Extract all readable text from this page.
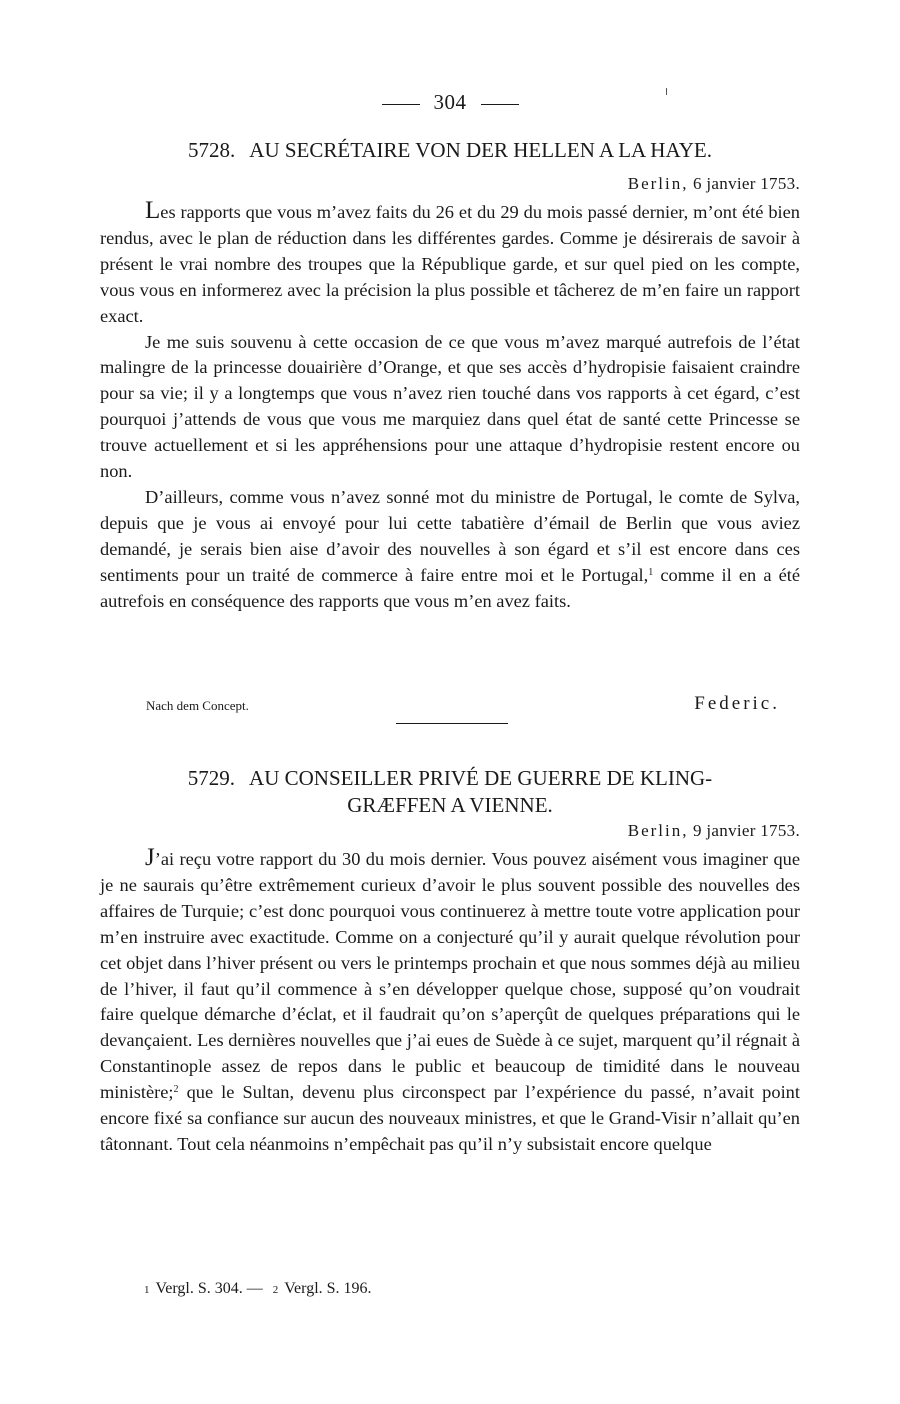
304
5728. AU SECRÉTAIRE VON DER HELLEN A LA HAYE.
Berlin, 6 janvier 1753.

Les rapports que vous m’avez faits du 26 et du 29 du mois passé dernier, m’ont été bien rendus, avec le plan de réduction dans les différentes gardes. Comme je désirerais de savoir à présent le vrai nombre des troupes que la République garde, et sur quel pied on les compte, vous vous en informerez avec la précision la plus possible et tâcherez de m’en faire un rapport exact.

Je me suis souvenu à cette occasion de ce que vous m’avez marqué autrefois de l’état malingre de la princesse douairière d’Orange, et que ses accès d’hydropisie faisaient craindre pour sa vie; il y a longtemps que vous n’avez rien touché dans vos rapports à cet égard, c’est pourquoi j’attends de vous que vous me marquiez dans quel état de santé cette Princesse se trouve actuellement et si les appréhensions pour une attaque d’hydropisie restent encore ou non.

D’ailleurs, comme vous n’avez sonné mot du ministre de Portugal, le comte de Sylva, depuis que je vous ai envoyé pour lui cette tabatière d’émail de Berlin que vous aviez demandé, je serais bien aise d’avoir des nouvelles à son égard et s’il est encore dans ces sentiments pour un traité de commerce à faire entre moi et le Portugal,$^1$ comme il en a été autrefois en conséquence des rapports que vous m’en avez faits.

Nach dem Concept.	Federic.
5729. AU CONSEILLER PRIVÉ DE GUERRE DE KLING-
GRÆFFEN A VIENNE.
Berlin, 9 janvier 1753.

J’ai reçu votre rapport du 30 du mois dernier. Vous pouvez aisément vous imaginer que je ne saurais qu’être extrêmement curieux d’avoir le plus souvent possible des nouvelles des affaires de Turquie; c’est donc pourquoi vous continuerez à mettre toute votre application pour m’en instruire avec exactitude. Comme on a conjecturé qu’il y aurait quelque révolution pour cet objet dans l’hiver présent ou vers le printemps prochain et que nous sommes déjà au milieu de l’hiver, il faut qu’il commence à s’en développer quelque chose, supposé qu’on voudrait faire quelque démarche d’éclat, et il faudrait qu’on s’aperçût de quelques préparations qui le devançaient. Les dernières nouvelles que j’ai eues de Suède à ce sujet, marquent qu’il régnait à Constantinople assez de repos dans le public et beaucoup de timidité dans le nouveau ministère;$^2$ que le Sultan, devenu plus circonspect par l’expérience du passé, n’avait point encore fixé sa confiance sur aucun des nouveaux ministres, et que le Grand-Visir n’allait qu’en tâtonnant. Tout cela néanmoins n’empêchait pas qu’il n’y subsistait encore quelque

1 Vergl. S. 304. — 2 Vergl. S. 196.
